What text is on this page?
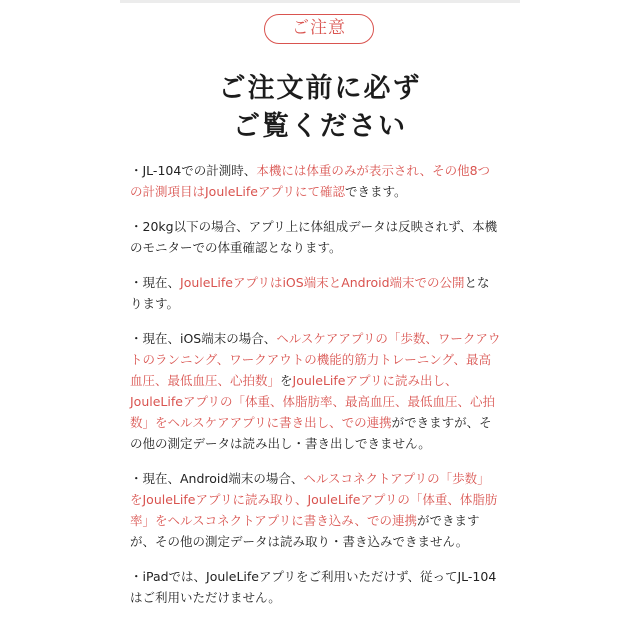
ご注意
ご注文前に必ず
ご覧ください

・JL-104での計測時、本機には体重のみが表示され、その他8つの計測項目はJouleLifeアプリにて確認できます。

・20kg以下の場合、アプリ上に体組成データは反映されず、本機のモニターでの体重確認となります。

・現在、JouleLifeアプリはiOS端末とAndroid端末での公開となります。

・現在、iOS端末の場合、ヘルスケアアプリの「歩数、ワークアウトのランニング、ワークアウトの機能的筋力トレーニング、最高血圧、最低血圧、心拍数」をJouleLifeアプリに読み出し、JouleLifeアプリの「体重、体脂肪率、最高血圧、最低血圧、心拍数」をヘルスケアアプリに書き出し、での連携ができますが、その他の測定データは読み出し・書き出しできません。

・現在、Android端末の場合、ヘルスコネクトアプリの「歩数」をJouleLifeアプリに読み取り、JouleLifeアプリの「体重、体脂肪率」をヘルスコネクトアプリに書き込み、での連携ができますが、その他の測定データは読み取り・書き込みできません。

・iPadでは、JouleLifeアプリをご利用いただけず、従ってJL-104はご利用いただけません。
